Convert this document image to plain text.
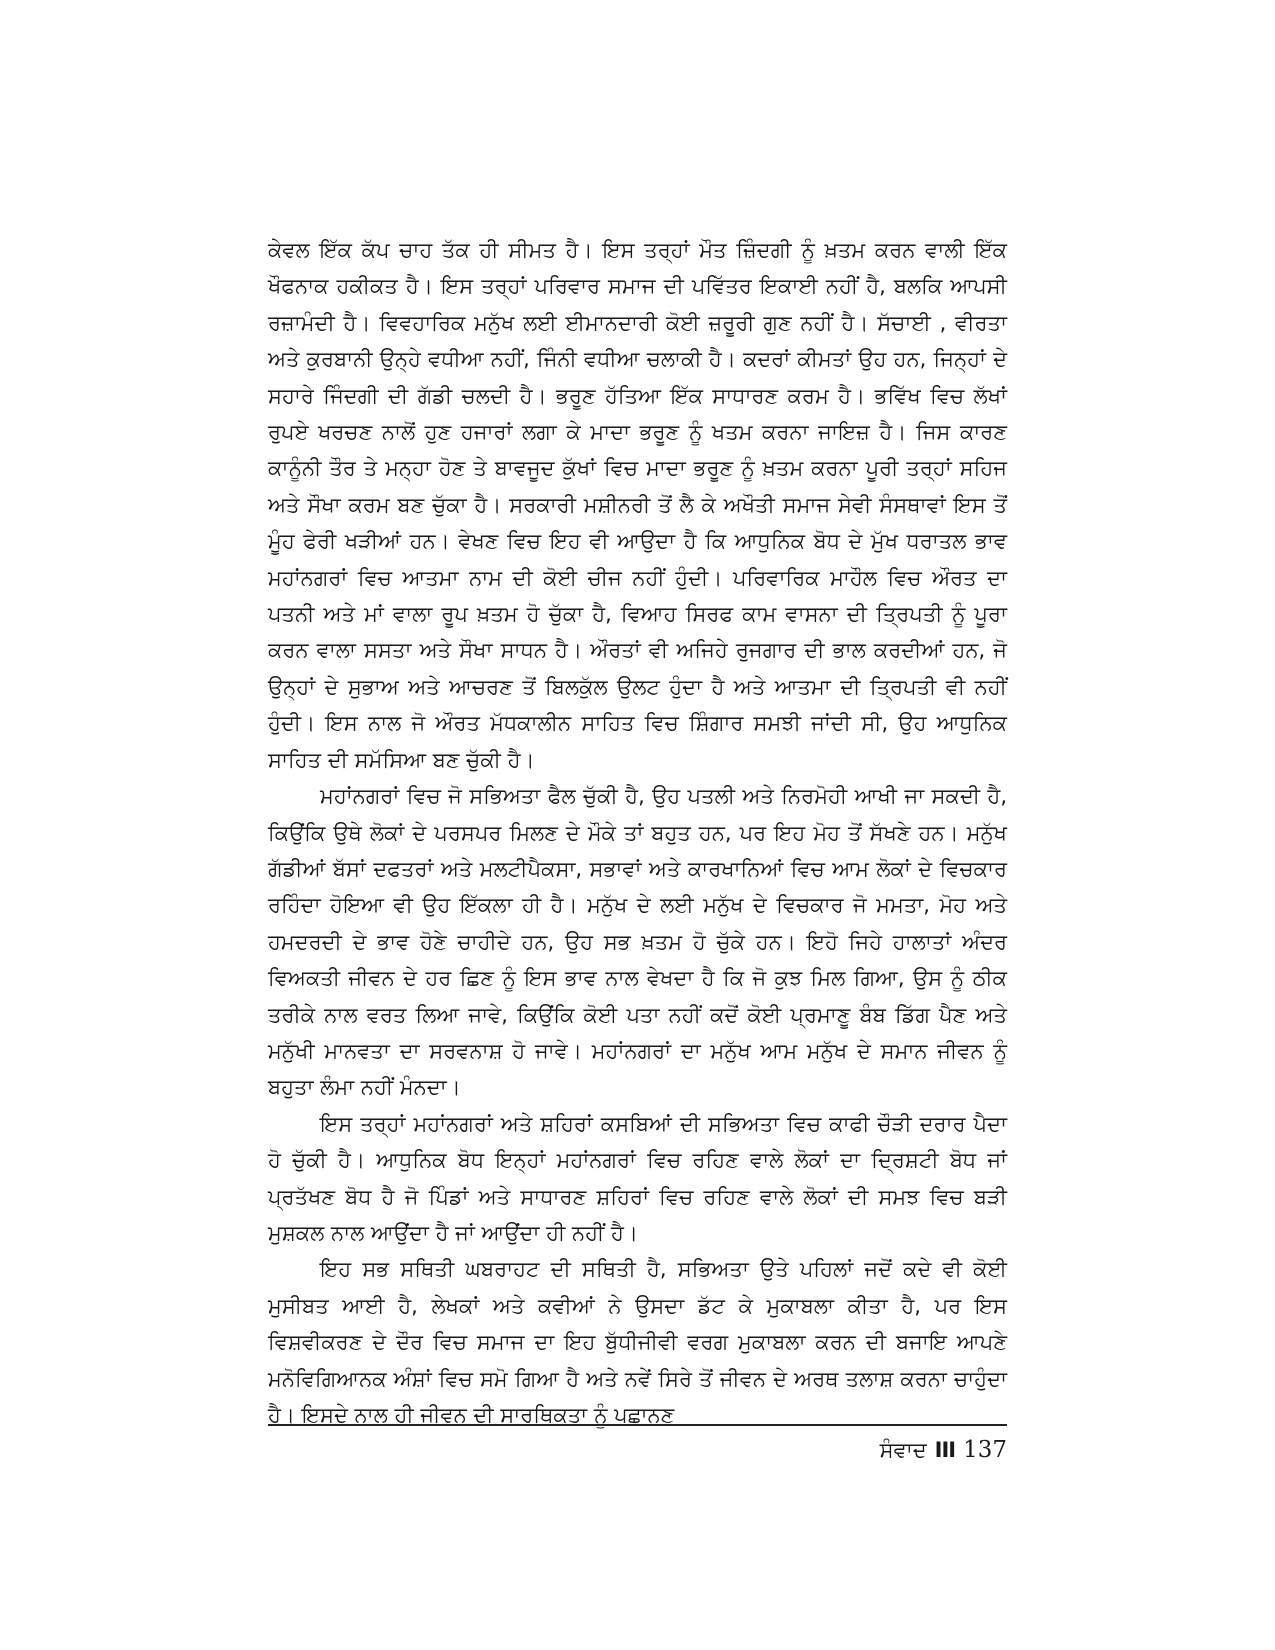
ਕੇਵਲ ਇੱਕ ਕੱਪ ਚਾਹ ਤੱਕ ਹੀ ਸੀਮਤ ਹੈ। ਇਸ ਤਰ੍ਹਾਂ ਮੌਤ ਜ਼ਿੰਦਗੀ ਨੂੰ ਖ਼ਤਮ ਕਰਨ ਵਾਲੀ ਇੱਕ ਖੌਫਨਾਕ ਹਕੀਕਤ ਹੈ। ਇਸ ਤਰ੍ਹਾਂ ਪਰਿਵਾਰ ਸਮਾਜ ਦੀ ਪਵਿੱਤਰ ਇਕਾਈ ਨਹੀਂ ਹੈ, ਬਲਕਿ ਆਪਸੀ ਰਜ਼ਾਮੰਦੀ ਹੈ। ਵਿਵਹਾਰਿਕ ਮਨੁੱਖ ਲਈ ਈਮਾਨਦਾਰੀ ਕੋਈ ਜ਼ਰੂਰੀ ਗੁਣ ਨਹੀਂ ਹੈ। ਸੱਚਾਈ , ਵੀਰਤਾ ਅਤੇ ਕੁਰਬਾਨੀ ਉਨ੍ਹੇ ਵਧੀਆ ਨਹੀਂ, ਜਿੰਨੀ ਵਧੀਆ ਚਲਾਕੀ ਹੈ। ਕਦਰਾਂ ਕੀਮਤਾਂ ਉਹ ਹਨ, ਜਿਨ੍ਹਾਂ ਦੇ ਸਹਾਰੇ ਜਿੰਦਗੀ ਦੀ ਗੱਡੀ ਚਲਦੀ ਹੈ। ਭਰੂਣ ਹੱਤਿਆ ਇੱਕ ਸਾਧਾਰਣ ਕਰਮ ਹੈ। ਭਵਿੱਖ ਵਿਚ ਲੱਖਾਂ ਰੁਪਏ ਖਰਚਣ ਨਾਲੋਂ ਹੁਣ ਹਜਾਰਾਂ ਲਗਾ ਕੇ ਮਾਦਾ ਭਰੂਣ ਨੂੰ ਖਤਮ ਕਰਨਾ ਜਾਇਜ਼ ਹੈ। ਜਿਸ ਕਾਰਣ ਕਾਨੂੰਨੀ ਤੌਰ ਤੇ ਮਨ੍ਹਾ ਹੋਣ ਤੇ ਬਾਵਜੂਦ ਕੁੱਖਾਂ ਵਿਚ ਮਾਦਾ ਭਰੂਣ ਨੂੰ ਖ਼ਤਮ ਕਰਨਾ ਪੂਰੀ ਤਰ੍ਹਾਂ ਸਹਿਜ ਅਤੇ ਸੌਖਾ ਕਰਮ ਬਣ ਚੁੱਕਾ ਹੈ। ਸਰਕਾਰੀ ਮਸ਼ੀਨਰੀ ਤੋਂ ਲੈ ਕੇ ਅਖੌਤੀ ਸਮਾਜ ਸੇਵੀ ਸੰਸਥਾਵਾਂ ਇਸ ਤੋਂ ਮੂੰਹ ਫੇਰੀ ਖੜੀਆਂ ਹਨ। ਵੇਖਣ ਵਿਚ ਇਹ ਵੀ ਆਉਦਾ ਹੈ ਕਿ ਆਧੁਨਿਕ ਬੋਧ ਦੇ ਮੁੱਖ ਧਰਾਤਲ ਭਾਵ ਮਹਾਂਨਗਰਾਂ ਵਿਚ ਆਤਮਾ ਨਾਮ ਦੀ ਕੋਈ ਚੀਜ ਨਹੀਂ ਹੁੰਦੀ। ਪਰਿਵਾਰਿਕ ਮਾਹੌਲ ਵਿਚ ਔਰਤ ਦਾ ਪਤਨੀ ਅਤੇ ਮਾਂ ਵਾਲਾ ਰੂਪ ਖ਼ਤਮ ਹੋ ਚੁੱਕਾ ਹੈ, ਵਿਆਹ ਸਿਰਫ ਕਾਮ ਵਾਸਨਾ ਦੀ ਤ੍ਰਿਪਤੀ ਨੂੰ ਪੂਰਾ ਕਰਨ ਵਾਲਾ ਸਸਤਾ ਅਤੇ ਸੌਖਾ ਸਾਧਨ ਹੈ। ਔਰਤਾਂ ਵੀ ਅਜਿਹੇ ਰੁਜਗਾਰ ਦੀ ਭਾਲ ਕਰਦੀਆਂ ਹਨ, ਜੋ ਉਨ੍ਹਾਂ ਦੇ ਸੁਭਾਅ ਅਤੇ ਆਚਰਣ ਤੋਂ ਬਿਲਕੁੱਲ ਉਲਟ ਹੁੰਦਾ ਹੈ ਅਤੇ ਆਤਮਾ ਦੀ ਤ੍ਰਿਪਤੀ ਵੀ ਨਹੀਂ ਹੁੰਦੀ। ਇਸ ਨਾਲ ਜੋ ਔਰਤ ਮੱਧਕਾਲੀਨ ਸਾਹਿਤ ਵਿਚ ਸ਼ਿੰਗਾਰ ਸਮਝੀ ਜਾਂਦੀ ਸੀ, ਉਹ ਆਧੁਨਿਕ ਸਾਹਿਤ ਦੀ ਸਮੱਸਿਆ ਬਣ ਚੁੱਕੀ ਹੈ।

ਮਹਾਂਨਗਰਾਂ ਵਿਚ ਜੋ ਸਭਿਅਤਾ ਫੈਲ ਚੁੱਕੀ ਹੈ, ਉਹ ਪਤਲੀ ਅਤੇ ਨਿਰਮੋਹੀ ਆਖੀ ਜਾ ਸਕਦੀ ਹੈ, ਕਿਉਂਕਿ ਉਥੇ ਲੋਕਾਂ ਦੇ ਪਰਸਪਰ ਮਿਲਣ ਦੇ ਮੌਕੇ ਤਾਂ ਬਹੁਤ ਹਨ, ਪਰ ਇਹ ਮੋਹ ਤੋਂ ਸੱਖਣੇ ਹਨ। ਮਨੁੱਖ ਗੱਡੀਆਂ ਬੱਸਾਂ ਦਫਤਰਾਂ ਅਤੇ ਮਲਟੀਪੈਕਸਾ, ਸਭਾਵਾਂ ਅਤੇ ਕਾਰਖਾਨਿਆਂ ਵਿਚ ਆਮ ਲੋਕਾਂ ਦੇ ਵਿਚਕਾਰ ਰਹਿੰਦਾ ਹੋਇਆ ਵੀ ਉਹ ਇੱਕਲਾ ਹੀ ਹੈ। ਮਨੁੱਖ ਦੇ ਲਈ ਮਨੁੱਖ ਦੇ ਵਿਚਕਾਰ ਜੋ ਮਮਤਾ, ਮੋਹ ਅਤੇ ਹਮਦਰਦੀ ਦੇ ਭਾਵ ਹੋਣੇ ਚਾਹੀਦੇ ਹਨ, ਉਹ ਸਭ ਖ਼ਤਮ ਹੋ ਚੁੱਕੇ ਹਨ। ਇਹੋ ਜਿਹੇ ਹਾਲਾਤਾਂ ਅੰਦਰ ਵਿਅਕਤੀ ਜੀਵਨ ਦੇ ਹਰ ਛਿਣ ਨੂੰ ਇਸ ਭਾਵ ਨਾਲ ਵੇਖਦਾ ਹੈ ਕਿ ਜੋ ਕੁਝ ਮਿਲ ਗਿਆ, ਉਸ ਨੂੰ ਠੀਕ ਤਰੀਕੇ ਨਾਲ ਵਰਤ ਲਿਆ ਜਾਵੇ, ਕਿਉਂਕਿ ਕੋਈ ਪਤਾ ਨਹੀਂ ਕਦੋਂ ਕੋਈ ਪ੍ਰਮਾਣੂ ਬੰਬ ਡਿੱਗ ਪੈਣ ਅਤੇ ਮਨੁੱਖੀ ਮਾਨਵਤਾ ਦਾ ਸਰਵਨਾਸ਼ ਹੋ ਜਾਵੇ। ਮਹਾਂਨਗਰਾਂ ਦਾ ਮਨੁੱਖ ਆਮ ਮਨੁੱਖ ਦੇ ਸਮਾਨ ਜੀਵਨ ਨੂੰ ਬਹੁਤਾ ਲੰਮਾ ਨਹੀਂ ਮੰਨਦਾ।

ਇਸ ਤਰ੍ਹਾਂ ਮਹਾਂਨਗਰਾਂ ਅਤੇ ਸ਼ਹਿਰਾਂ ਕਸਬਿਆਂ ਦੀ ਸਭਿਅਤਾ ਵਿਚ ਕਾਫੀ ਚੌੜੀ ਦਰਾਰ ਪੈਦਾ ਹੋ ਚੁੱਕੀ ਹੈ। ਆਧੁਨਿਕ ਬੋਧ ਇਨ੍ਹਾਂ ਮਹਾਂਨਗਰਾਂ ਵਿਚ ਰਹਿਣ ਵਾਲੇ ਲੋਕਾਂ ਦਾ ਦ੍ਰਿਸ਼ਟੀ ਬੋਧ ਜਾਂ ਪ੍ਰਤੱਖਣ ਬੋਧ ਹੈ ਜੋ ਪਿੰਡਾਂ ਅਤੇ ਸਾਧਾਰਣ ਸ਼ਹਿਰਾਂ ਵਿਚ ਰਹਿਣ ਵਾਲੇ ਲੋਕਾਂ ਦੀ ਸਮਝ ਵਿਚ ਬੜੀ ਮੁਸ਼ਕਲ ਨਾਲ ਆਉਂਦਾ ਹੈ ਜਾਂ ਆਉਂਦਾ ਹੀ ਨਹੀਂ ਹੈ।

ਇਹ ਸਭ ਸਥਿਤੀ ਘਬਰਾਹਟ ਦੀ ਸਥਿਤੀ ਹੈ, ਸਭਿਅਤਾ ਉਤੇ ਪਹਿਲਾਂ ਜਦੋਂ ਕਦੇ ਵੀ ਕੋਈ ਮੁਸੀਬਤ ਆਈ ਹੈ, ਲੇਖਕਾਂ ਅਤੇ ਕਵੀਆਂ ਨੇ ਉਸਦਾ ਡੱਟ ਕੇ ਮੁਕਾਬਲਾ ਕੀਤਾ ਹੈ, ਪਰ ਇਸ ਵਿਸ਼ਵੀਕਰਣ ਦੇ ਦੌਰ ਵਿਚ ਸਮਾਜ ਦਾ ਇਹ ਬੁੱਧੀਜੀਵੀ ਵਰਗ ਮੁਕਾਬਲਾ ਕਰਨ ਦੀ ਬਜਾਇ ਆਪਣੇ ਮਨੋਵਿਗਿਆਨਕ ਅੰਸ਼ਾਂ ਵਿਚ ਸਮੋ ਗਿਆ ਹੈ ਅਤੇ ਨਵੇਂ ਸਿਰੇ ਤੋਂ ਜੀਵਨ ਦੇ ਅਰਥ ਤਲਾਸ਼ ਕਰਨਾ ਚਾਹੁੰਦਾ ਹੈ। ਇਸਦੇ ਨਾਲ ਹੀ ਜੀਵਨ ਦੀ ਸਾਰਥਿਕਤਾ ਨੂੰ ਪਛਾਨਣ

ਸੰਵਾਦ III 137
